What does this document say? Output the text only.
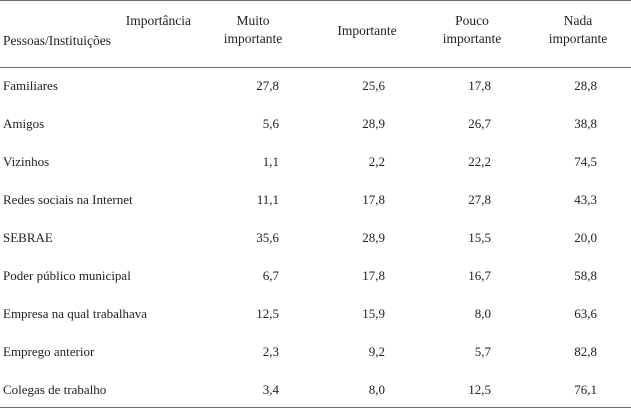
Importância
Pessoas/Instituições
Muito
importante
Importante
Pouco
importante
Nada
importante
Familiares	27,8	25,6	17,8	28,8
Amigos	5,6	28,9	26,7	38,8
Vizinhos	1,1	2,2	22,2	74,5
Redes sociais na Internet	11,1	17,8	27,8	43,3
SEBRAE	35,6	28,9	15,5	20,0
Poder público municipal	6,7	17,8	16,7	58,8
Empresa na qual trabalhava	12,5	15,9	8,0	63,6
Emprego anterior	2,3	9,2	5,7	82,8
Colegas de trabalho	3,4	8,0	12,5	76,1
